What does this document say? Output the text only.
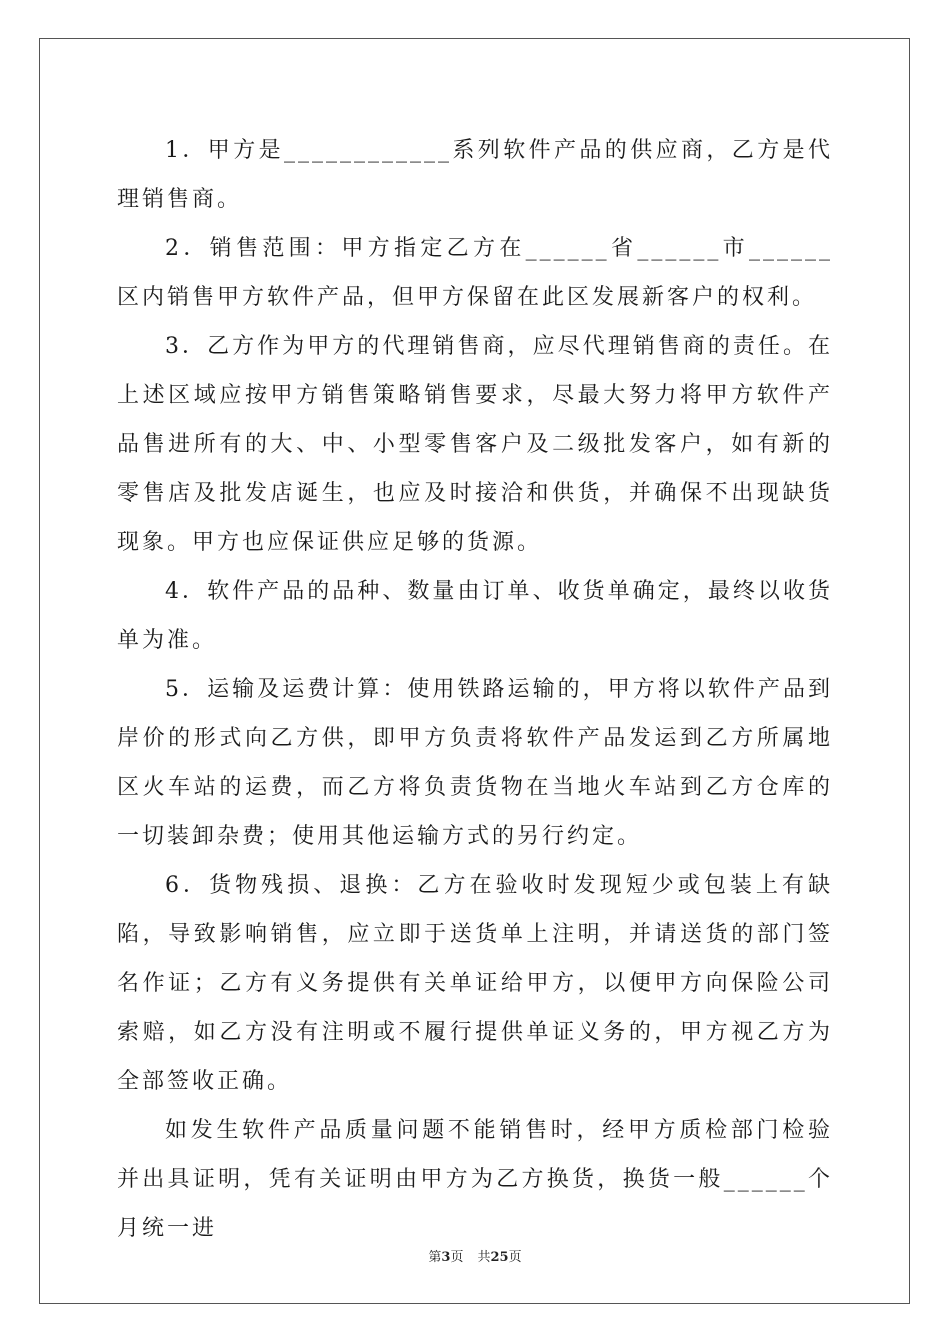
1．甲方是____________系列软件产品的供应商，乙方是代理销售商。

2．销售范围：甲方指定乙方在______省______市______区内销售甲方软件产品，但甲方保留在此区发展新客户的权利。

3．乙方作为甲方的代理销售商，应尽代理销售商的责任。在上述区域应按甲方销售策略销售要求，尽最大努力将甲方软件产品售进所有的大、中、小型零售客户及二级批发客户，如有新的零售店及批发店诞生，也应及时接洽和供货，并确保不出现缺货现象。甲方也应保证供应足够的货源。

4．软件产品的品种、数量由订单、收货单确定，最终以收货单为准。

5．运输及运费计算：使用铁路运输的，甲方将以软件产品到岸价的形式向乙方供，即甲方负责将软件产品发运到乙方所属地区火车站的运费，而乙方将负责货物在当地火车站到乙方仓库的一切装卸杂费；使用其他运输方式的另行约定。

6．货物残损、退换：乙方在验收时发现短少或包装上有缺陷，导致影响销售，应立即于送货单上注明，并请送货的部门签名作证；乙方有义务提供有关单证给甲方，以便甲方向保险公司索赔，如乙方没有注明或不履行提供单证义务的，甲方视乙方为全部签收正确。

如发生软件产品质量问题不能销售时，经甲方质检部门检验并出具证明，凭有关证明由甲方为乙方换货，换货一般______个月统一进

第3页 共25页
